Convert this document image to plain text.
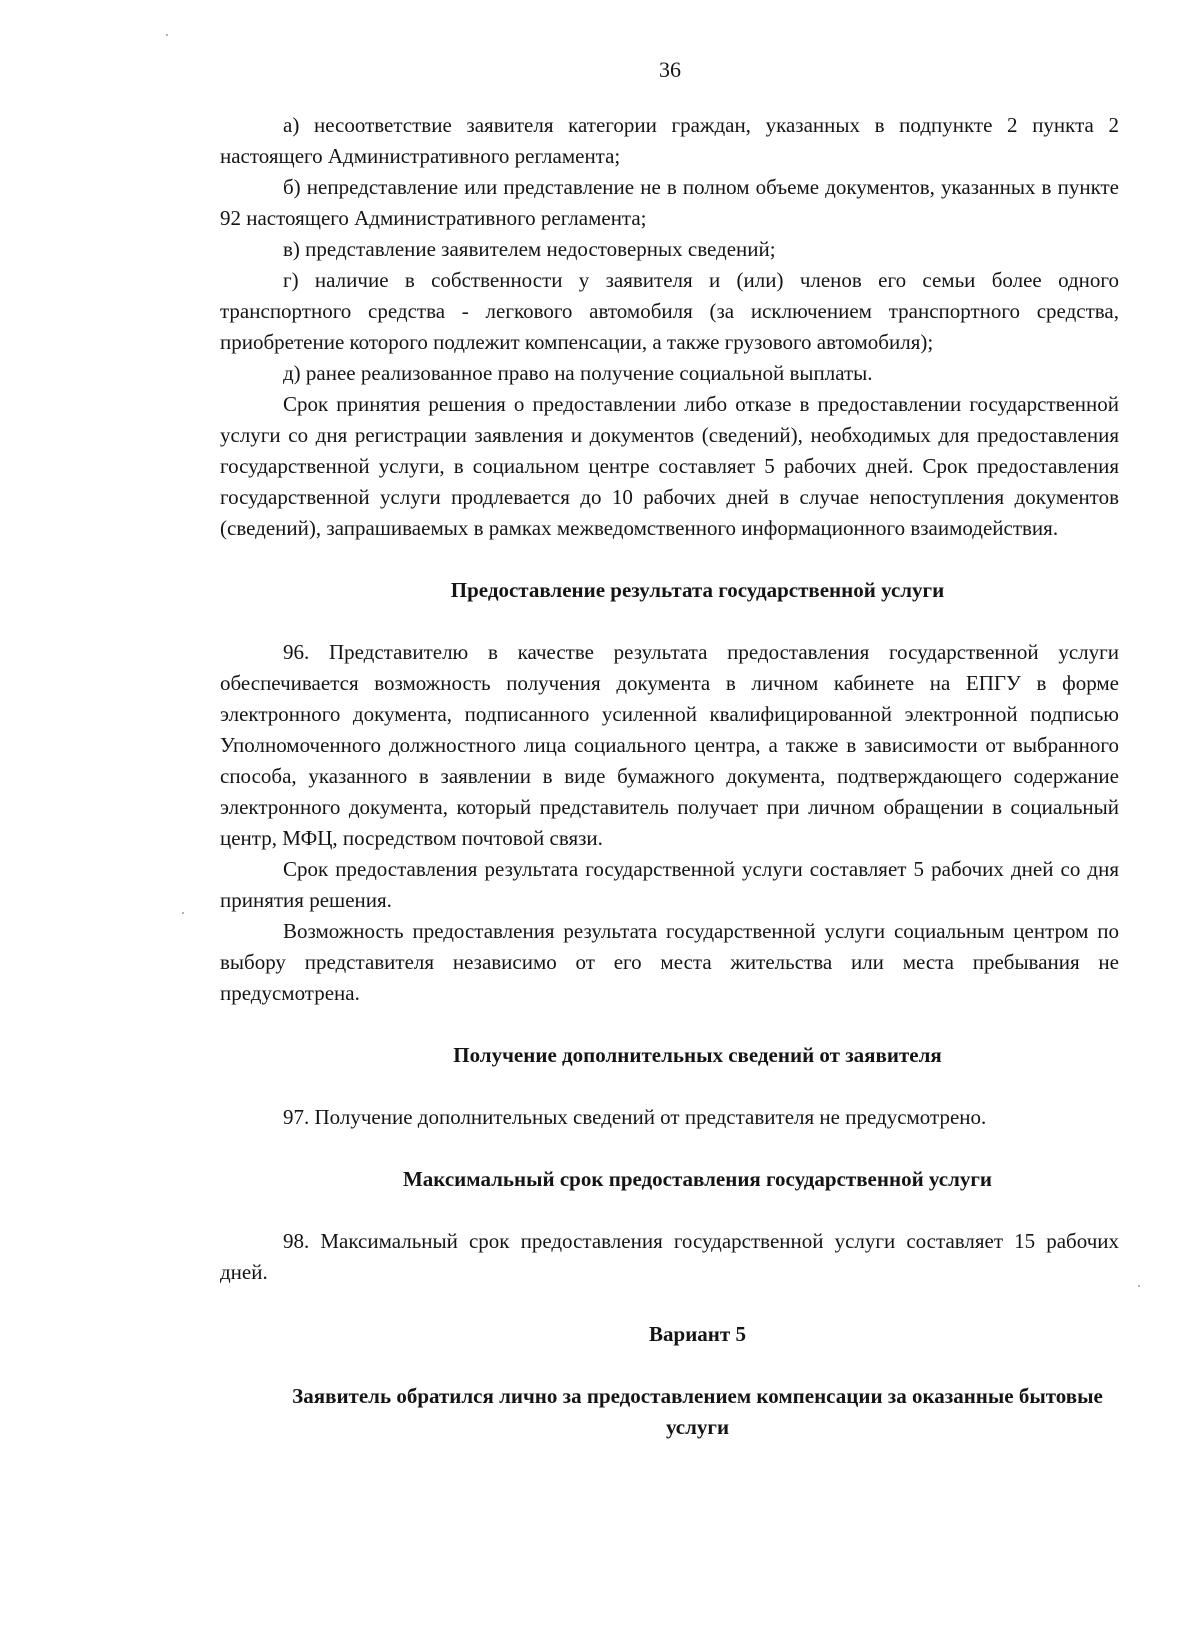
36

а) несоответствие заявителя категории граждан, указанных в подпункте 2 пункта 2 настоящего Административного регламента;

б) непредставление или представление не в полном объеме документов, указанных в пункте 92 настоящего Административного регламента;

в) представление заявителем недостоверных сведений;

г) наличие в собственности у заявителя и (или) членов его семьи более одного транспортного средства - легкового автомобиля (за исключением транспортного средства, приобретение которого подлежит компенсации, а также грузового автомобиля);

д) ранее реализованное право на получение социальной выплаты.

Срок принятия решения о предоставлении либо отказе в предоставлении государственной услуги со дня регистрации заявления и документов (сведений), необходимых для предоставления государственной услуги, в социальном центре составляет 5 рабочих дней. Срок предоставления государственной услуги продлевается до 10 рабочих дней в случае непоступления документов (сведений), запрашиваемых в рамках межведомственного информационного взаимодействия.

Предоставление результата государственной услуги

96. Представителю в качестве результата предоставления государственной услуги обеспечивается возможность получения документа в личном кабинете на ЕПГУ в форме электронного документа, подписанного усиленной квалифицированной электронной подписью Уполномоченного должностного лица социального центра, а также в зависимости от выбранного способа, указанного в заявлении в виде бумажного документа, подтверждающего содержание электронного документа, который представитель получает при личном обращении в социальный центр, МФЦ, посредством почтовой связи.

Срок предоставления результата государственной услуги составляет 5 рабочих дней со дня принятия решения.

Возможность предоставления результата государственной услуги социальным центром по выбору представителя независимо от его места жительства или места пребывания не предусмотрена.

Получение дополнительных сведений от заявителя

97. Получение дополнительных сведений от представителя не предусмотрено.

Максимальный срок предоставления государственной услуги

98. Максимальный срок предоставления государственной услуги составляет 15 рабочих дней.

Вариант 5
Заявитель обратился лично за предоставлением компенсации за оказанные бытовые услуги
